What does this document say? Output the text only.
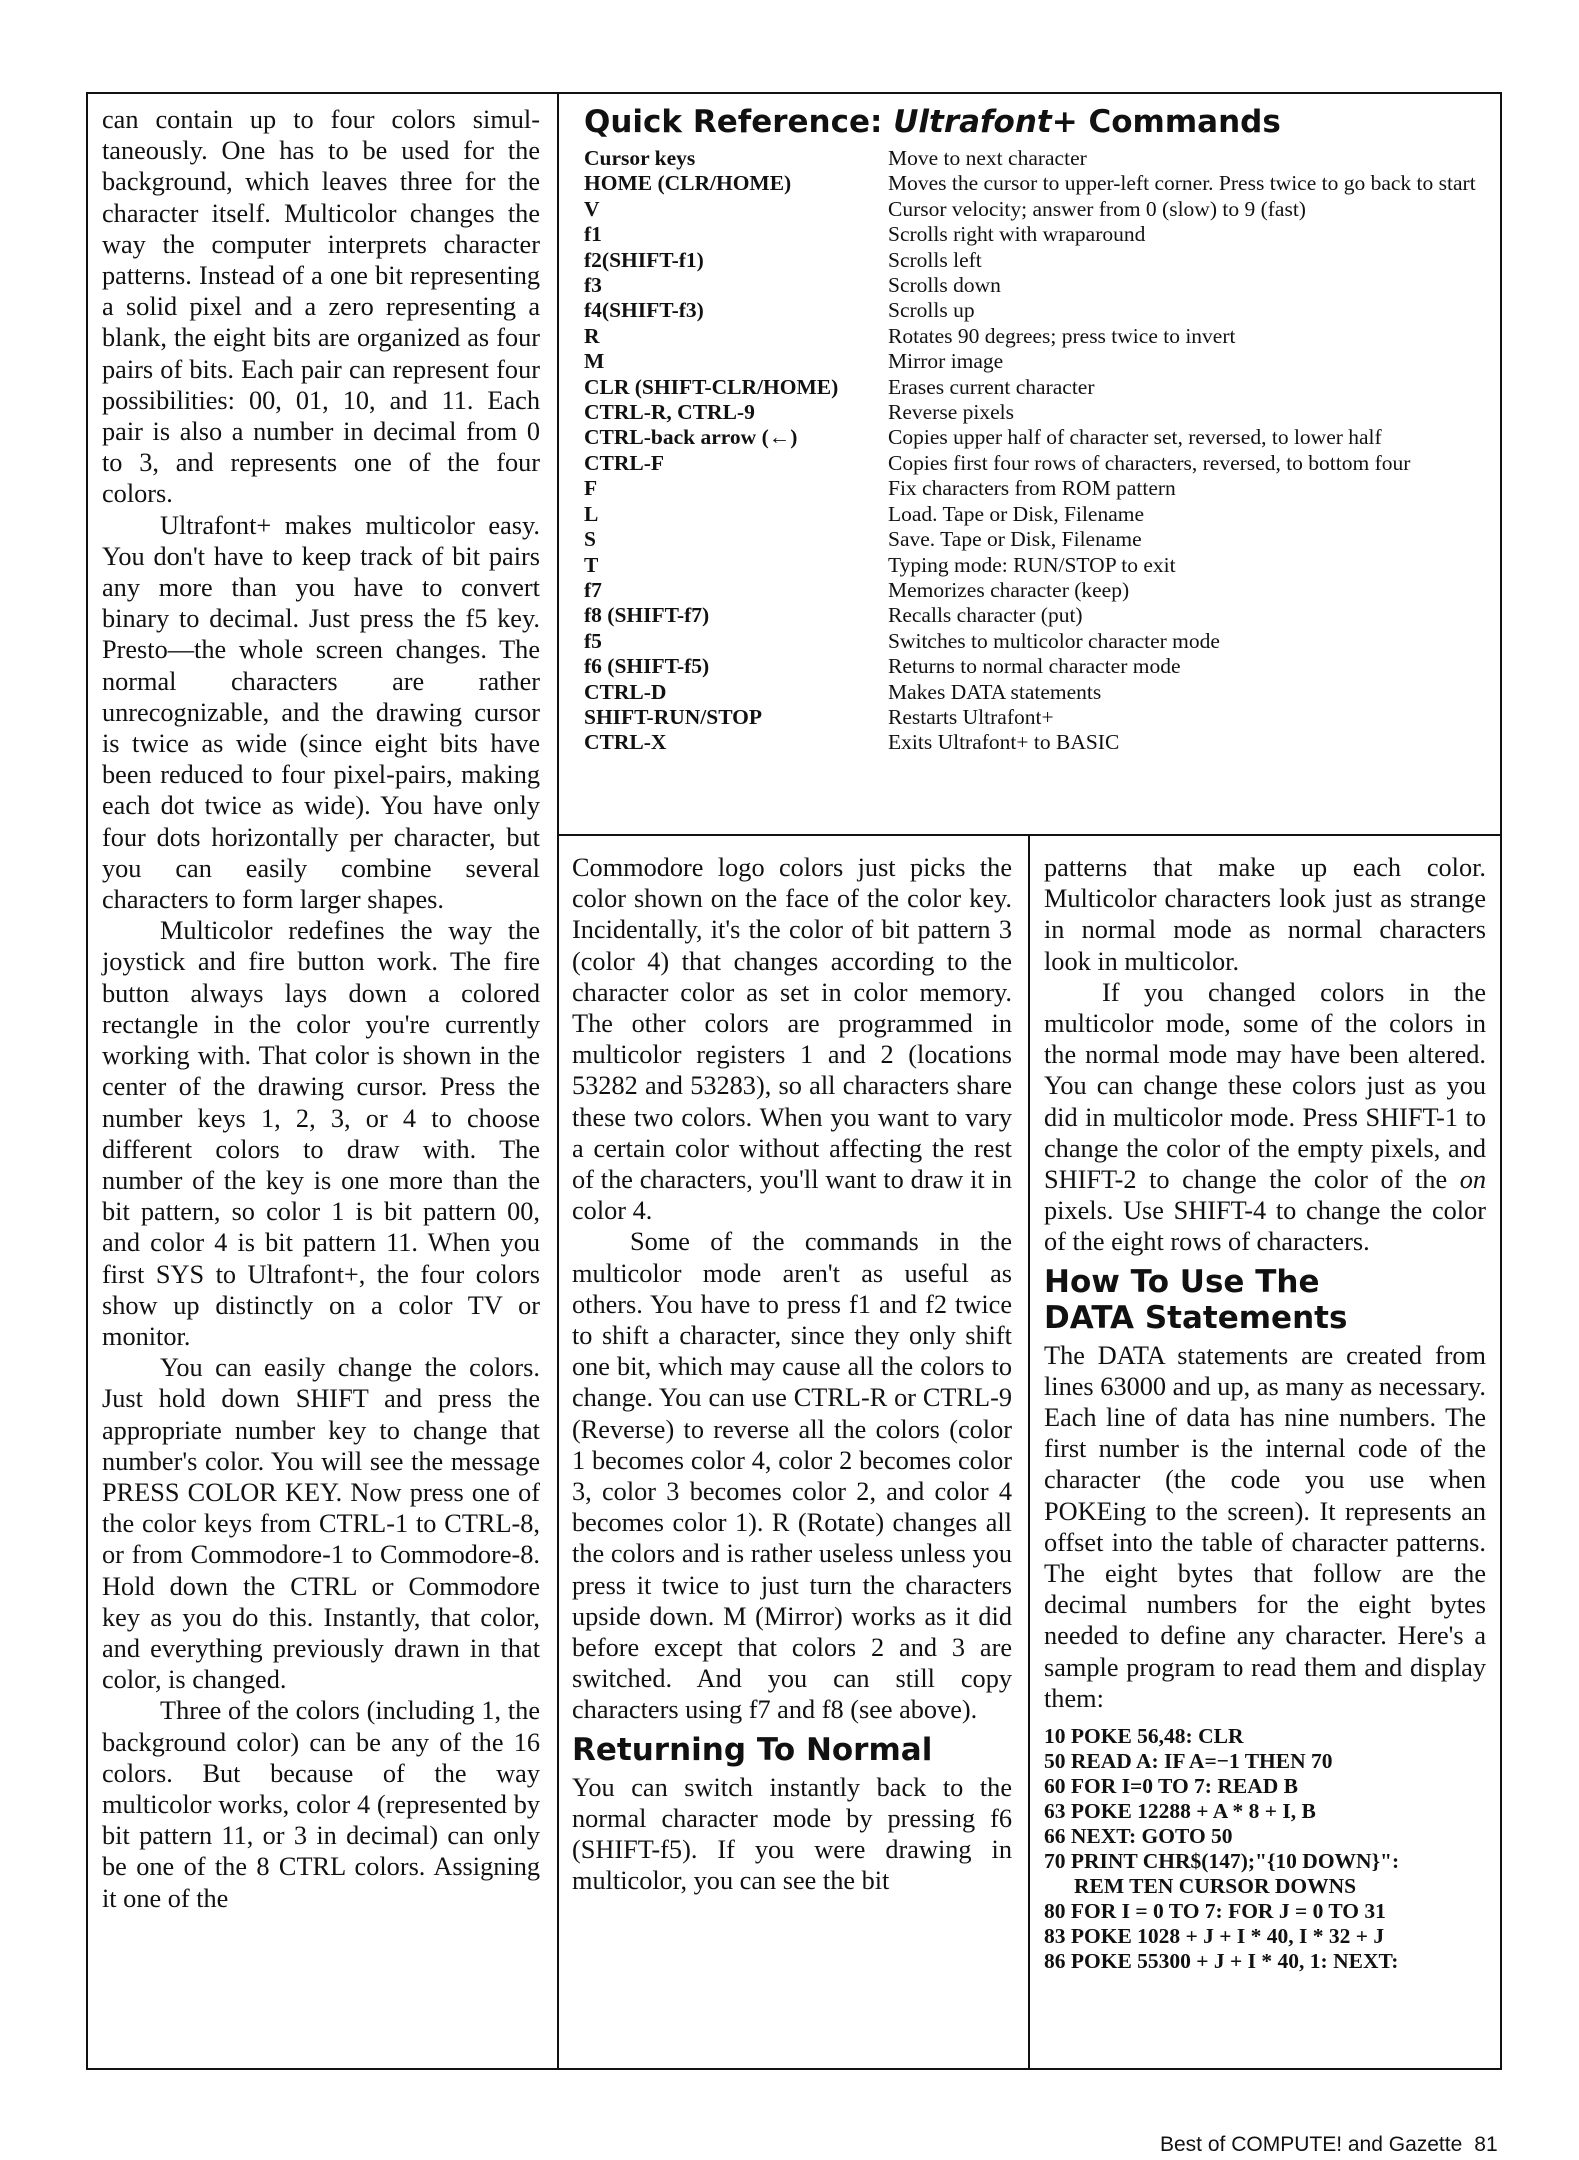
can contain up to four colors simultaneously. One has to be used for the background, which leaves three for the character itself. Multicolor changes the way the computer interprets character patterns. Instead of a one bit representing a solid pixel and a zero representing a blank, the eight bits are organized as four pairs of bits. Each pair can represent four possibilities: 00, 01, 10, and 11. Each pair is also a number in decimal from 0 to 3, and represents one of the four colors.

Ultrafont+ makes multicolor easy. You don't have to keep track of bit pairs any more than you have to convert binary to decimal. Just press the f5 key. Presto—the whole screen changes. The normal characters are rather unrecognizable, and the drawing cursor is twice as wide (since eight bits have been reduced to four pixel-pairs, making each dot twice as wide). You have only four dots horizontally per character, but you can easily combine several characters to form larger shapes.

Multicolor redefines the way the joystick and fire button work. The fire button always lays down a colored rectangle in the color you're currently working with. That color is shown in the center of the drawing cursor. Press the number keys 1, 2, 3, or 4 to choose different colors to draw with. The number of the key is one more than the bit pattern, so color 1 is bit pattern 00, and color 4 is bit pattern 11. When you first SYS to Ultrafont+, the four colors show up distinctly on a color TV or monitor.

You can easily change the colors. Just hold down SHIFT and press the appropriate number key to change that number's color. You will see the message PRESS COLOR KEY. Now press one of the color keys from CTRL-1 to CTRL-8, or from Commodore-1 to Commodore-8. Hold down the CTRL or Commodore key as you do this. Instantly, that color, and everything previously drawn in that color, is changed.

Three of the colors (including 1, the background color) can be any of the 16 colors. But because of the way multicolor works, color 4 (represented by bit pattern 11, or 3 in decimal) can only be one of the 8 CTRL colors. Assigning it one of the

Quick Reference: Ultrafont+ Commands
Cursor keys	Move to next character
HOME (CLR/HOME)	Moves the cursor to upper-left corner. Press twice to go back to start
V	Cursor velocity; answer from 0 (slow) to 9 (fast)
f1	Scrolls right with wraparound
f2(SHIFT-f1)	Scrolls left
f3	Scrolls down
f4(SHIFT-f3)	Scrolls up
R	Rotates 90 degrees; press twice to invert
M	Mirror image
CLR (SHIFT-CLR/HOME)	Erases current character
CTRL-R, CTRL-9	Reverse pixels
CTRL-back arrow (←)	Copies upper half of character set, reversed, to lower half
CTRL-F	Copies first four rows of characters, reversed, to bottom four
F	Fix characters from ROM pattern
L	Load. Tape or Disk, Filename
S	Save. Tape or Disk, Filename
T	Typing mode: RUN/STOP to exit
f7	Memorizes character (keep)
f8 (SHIFT-f7)	Recalls character (put)
f5	Switches to multicolor character mode
f6 (SHIFT-f5)	Returns to normal character mode
CTRL-D	Makes DATA statements
SHIFT-RUN/STOP	Restarts Ultrafont+
CTRL-X	Exits Ultrafont+ to BASIC

Commodore logo colors just picks the color shown on the face of the color key. Incidentally, it's the color of bit pattern 3 (color 4) that changes according to the character color as set in color memory. The other colors are programmed in multicolor registers 1 and 2 (locations 53282 and 53283), so all characters share these two colors. When you want to vary a certain color without affecting the rest of the characters, you'll want to draw it in color 4.

Some of the commands in the multicolor mode aren't as useful as others. You have to press f1 and f2 twice to shift a character, since they only shift one bit, which may cause all the colors to change. You can use CTRL-R or CTRL-9 (Reverse) to reverse all the colors (color 1 becomes color 4, color 2 becomes color 3, color 3 becomes color 2, and color 4 becomes color 1). R (Rotate) changes all the colors and is rather useless unless you press it twice to just turn the characters upside down. M (Mirror) works as it did before except that colors 2 and 3 are switched. And you can still copy characters using f7 and f8 (see above).

Returning To Normal

You can switch instantly back to the normal character mode by pressing f6 (SHIFT-f5). If you were drawing in multicolor, you can see the bit

patterns that make up each color. Multicolor characters look just as strange in normal mode as normal characters look in multicolor.

If you changed colors in the multicolor mode, some of the colors in the normal mode may have been altered. You can change these colors just as you did in multicolor mode. Press SHIFT-1 to change the color of the empty pixels, and SHIFT-2 to change the color of the on pixels. Use SHIFT-4 to change the color of the eight rows of characters.

How To Use The
DATA Statements

The DATA statements are created from lines 63000 and up, as many as necessary. Each line of data has nine numbers. The first number is the internal code of the character (the code you use when POKEing to the screen). It represents an offset into the table of character patterns. The eight bytes that follow are the decimal numbers for the eight bytes needed to define any character. Here's a sample program to read them and display them:

10 POKE 56,48: CLR
50 READ A: IF A=−1 THEN 70
60 FOR I=0 TO 7: READ B
63 POKE 12288 + A * 8 + I, B
66 NEXT: GOTO 50
70 PRINT CHR$(147);"{10 DOWN}":
REM TEN CURSOR DOWNS
80 FOR I = 0 TO 7: FOR J = 0 TO 31
83 POKE 1028 + J + I * 40, I * 32 + J
86 POKE 55300 + J + I * 40, 1: NEXT:
Best of COMPUTE! and Gazette 81
